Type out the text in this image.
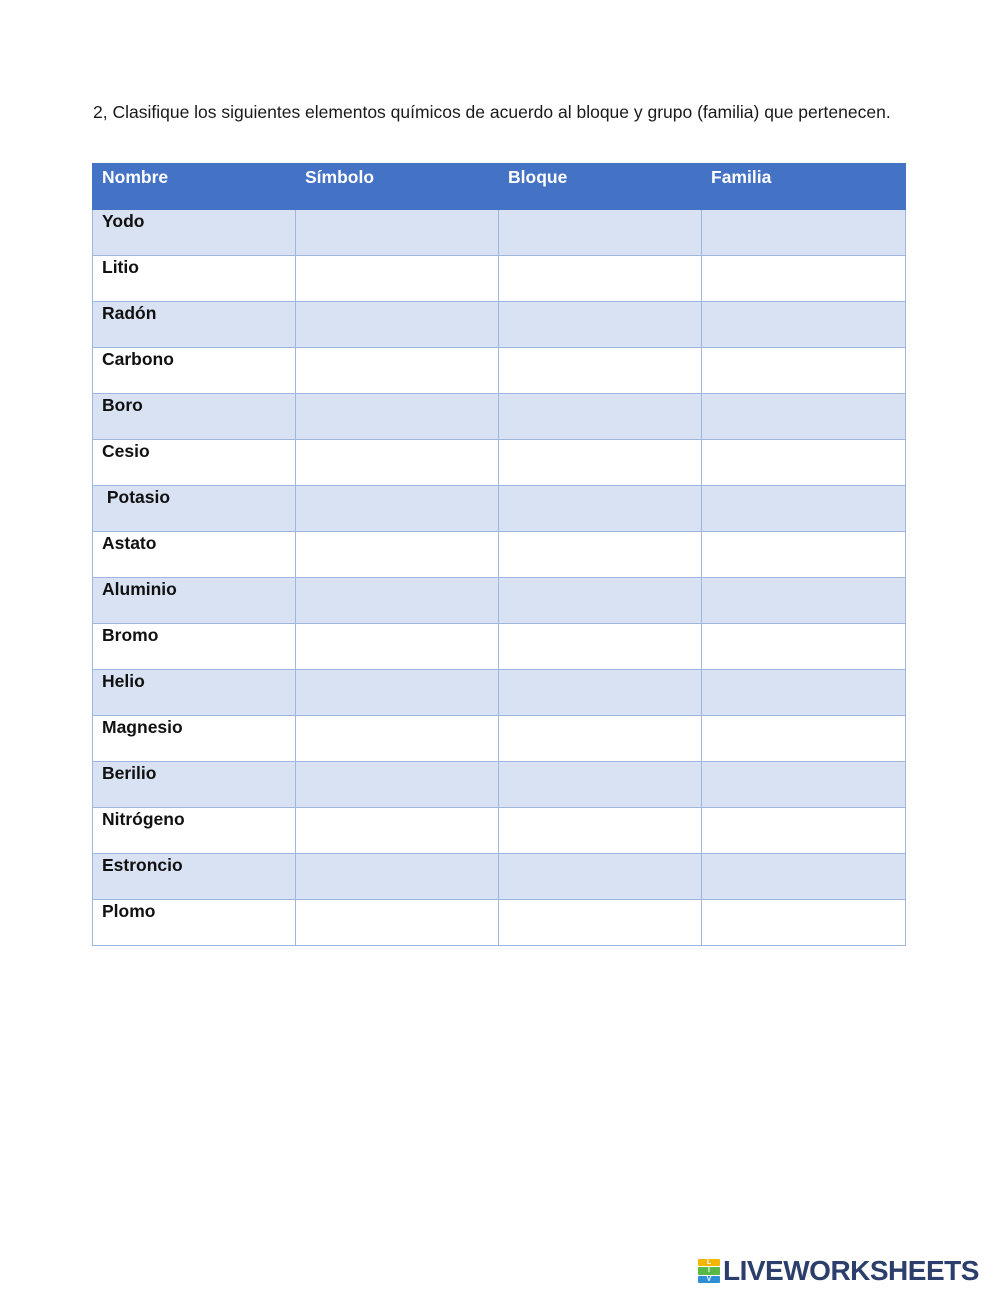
2, Clasifique los siguientes elementos químicos de acuerdo al bloque y grupo (familia) que pertenecen.
Nombre	Símbolo	Bloque	Familia

Yodo			

Litio			

Radón			

Carbono			

Boro			

Cesio			

Potasio			

Astato			

Aluminio			

Bromo			

Helio			

Magnesio			

Berilio			

Nitrógeno			

Estroncio			

Plomo			

L
I
V LIVEWORKSHEETS
